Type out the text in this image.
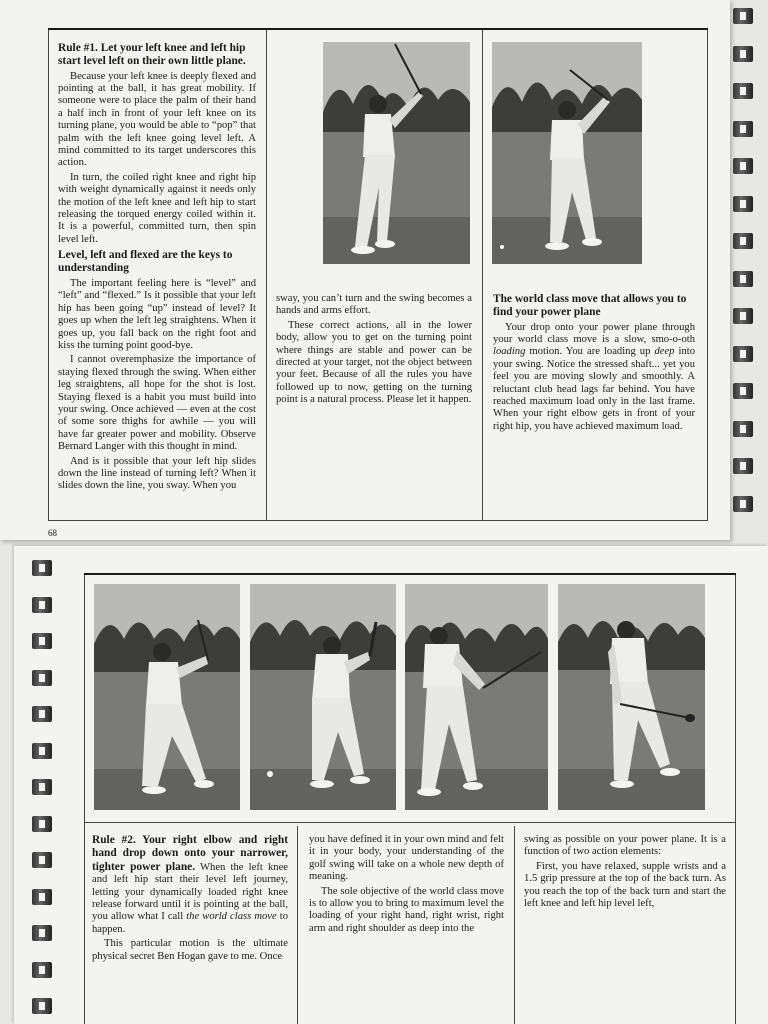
Rule #1. Let your left knee and left hip start level left on their own little plane.

Because your left knee is deeply flexed and pointing at the ball, it has great mobility. If someone were to place the palm of their hand a half inch in front of your left knee on its turning plane, you would be able to “pop” that palm with the left knee going level left. A mind committed to its target underscores this action.

In turn, the coiled right knee and right hip with weight dynamically against it needs only the motion of the left knee and left hip to start releasing the torqued energy coiled within it. It is a powerful, committed turn, then spin level left.

Level, left and flexed are the keys to understanding

The important feeling here is “level” and “left” and “flexed.” Is it possible that your left hip has been going “up” instead of level? It goes up when the left leg straightens. When it goes up, you fall back on the right foot and kiss the turning point good-bye.

I cannot overemphasize the importance of staying flexed through the swing. When either leg straightens, all hope for the shot is lost. Staying flexed is a habit you must build into your swing. Once achieved — even at the cost of some sore thighs for awhile — you will have far greater power and mobility. Observe Bernard Langer with this thought in mind.

And is it possible that your left hip slides down the line instead of turning left? When it slides down the line, you sway. When you

sway, you can’t turn and the swing becomes a hands and arms effort.

These correct actions, all in the lower body, allow you to get on the turning point where things are stable and power can be directed at your target, not the object between your feet. Because of all the rules you have followed up to now, getting on the turning point is a natural process. Please let it happen.

The world class move that allows you to find your power plane

Your drop onto your power plane through your world class move is a slow, smo-o-oth loading motion. You are loading up deep into your swing. Notice the stressed shaft... yet you feel you are moving slowly and smoothly. A reluctant club head lags far behind. You have reached maximum load only in the last frame. When your right elbow gets in front of your right hip, you have achieved maximum load.

68

Rule #2. Your right elbow and right hand drop down onto your narrower, tighter power plane. When the left knee and left hip start their level left journey, letting your dynamically loaded right knee release forward until it is pointing at the ball, you allow what I call the world class move to happen.

This particular motion is the ultimate physical secret Ben Hogan gave to me. Once

you have defined it in your own mind and felt it in your body, your understanding of the golf swing will take on a whole new depth of meaning.

The sole objective of the world class move is to allow you to bring to maximum level the loading of your right hand, right wrist, right arm and right shoulder as deep into the

swing as possible on your power plane. It is a function of two action elements:

First, you have relaxed, supple wrists and a 1.5 grip pressure at the top of the back turn. As you reach the top of the back turn and start the left knee and left hip level left,
